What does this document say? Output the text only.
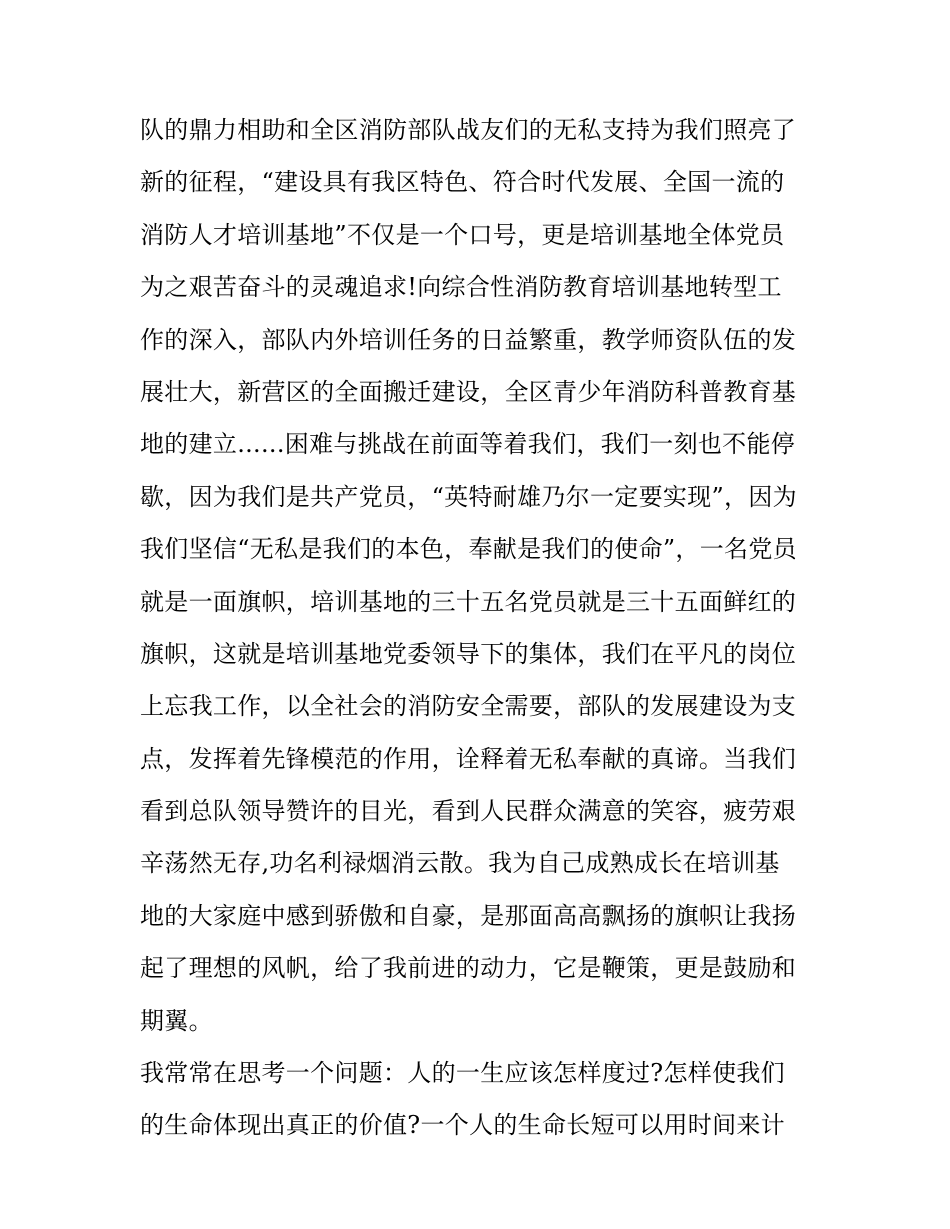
队的鼎力相助和全区消防部队战友们的无私支持为我们照亮了
新的征程，“建设具有我区特色、符合时代发展、全国一流的
消防人才培训基地”不仅是一个口号，更是培训基地全体党员
为之艰苦奋斗的灵魂追求!向综合性消防教育培训基地转型工
作的深入，部队内外培训任务的日益繁重，教学师资队伍的发
展壮大，新营区的全面搬迁建设，全区青少年消防科普教育基
地的建立......困难与挑战在前面等着我们，我们一刻也不能停
歇，因为我们是共产党员，“英特耐雄乃尔一定要实现”，因为
我们坚信“无私是我们的本色，奉献是我们的使命”，一名党员
就是一面旗帜，培训基地的三十五名党员就是三十五面鲜红的
旗帜，这就是培训基地党委领导下的集体，我们在平凡的岗位
上忘我工作，以全社会的消防安全需要，部队的发展建设为支
点，发挥着先锋模范的作用，诠释着无私奉献的真谛。当我们
看到总队领导赞许的目光，看到人民群众满意的笑容，疲劳艰
辛荡然无存,功名利禄烟消云散。我为自己成熟成长在培训基
地的大家庭中感到骄傲和自豪，是那面高高飘扬的旗帜让我扬
起了理想的风帆，给了我前进的动力，它是鞭策，更是鼓励和
期翼。
我常常在思考一个问题：人的一生应该怎样度过?怎样使我们
的生命体现出真正的价值?一个人的生命长短可以用时间来计
